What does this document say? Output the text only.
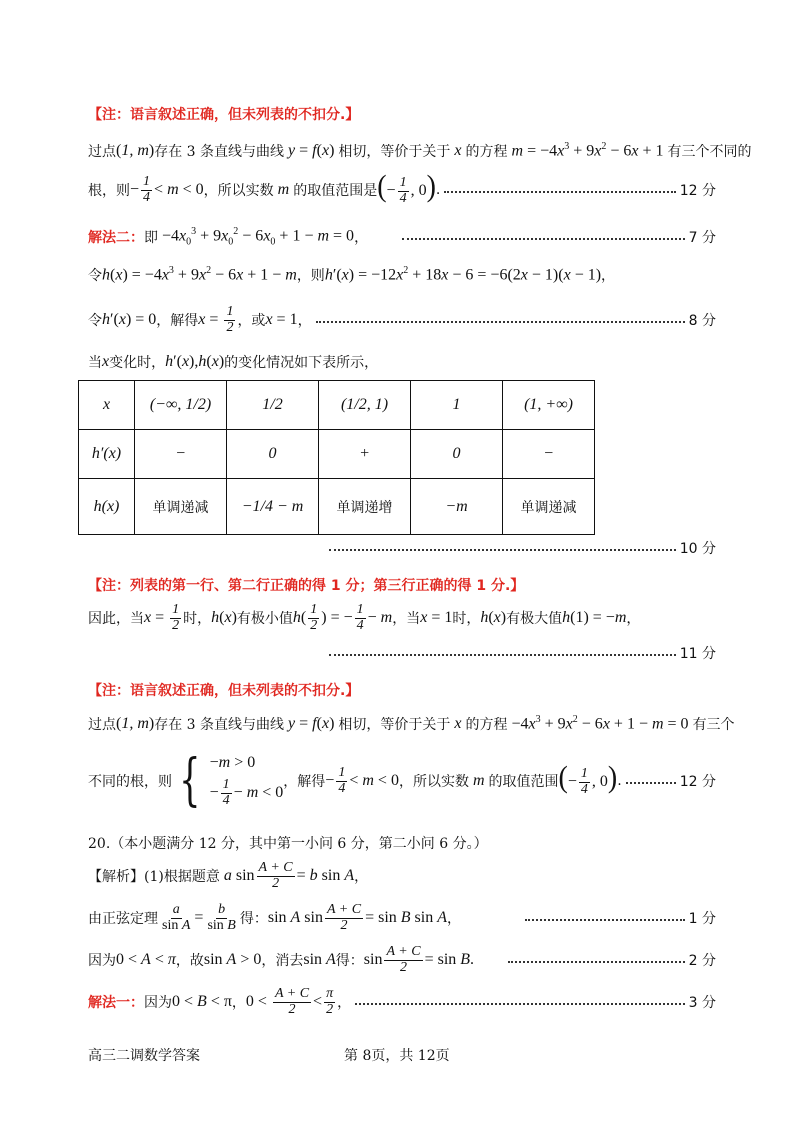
【注：语言叙述正确，但未列表的不扣分.】
过点 (1, m) 存在 3 条直线与曲线 y = f(x) 相切，等价于关于 x 的方程 $m = -4x^3 + 9x^2 - 6x + 1$ 有三个不同的
根，则 − $\frac{1}{4} < m < 0$ ，所以实数 m 的取值范围是 (− $\frac{1}{4}$ , 0) .	12 分
解法二： 即 $-4x_0^3 + 9x_0^2 - 6x_0 + 1 - m = 0$ ，	7 分
令 $h(x) = -4x^3 + 9x^2 - 6x + 1 - m$ ，则 $h'(x) = -12x^2 + 18x - 6 = -6(2x - 1)(x - 1)$ ，
令 h′(x) = 0 ，解得 $x = \frac{1}{2}$ ，或 x = 1 ，	8 分
当 x 变化时， h′(x),h(x) 的变化情况如下表所示，
x	(−∞, 1/2)	1/2	(1/2, 1)	1	(1, +∞)
h′(x)	−	0	+	0	−
h(x)	单调递减	−1/4 − m	单调递增	−m	单调递减
10 分
【注：列表的第一行、第二行正确的得 1 分；第三行正确的得 1 分.】
因此，当 $x = \frac{1}{2}$ 时， h(x) 有极小值 $h( \frac{1}{2}$ ) = − $\frac{1}{4} - m$ ，当 x = 1 时， h(x) 有极大值 h(1) = −m ，
11 分
【注：语言叙述正确，但未列表的不扣分.】
过点 (1, m) 存在 3 条直线与曲线 y = f(x) 相切，等价于关于 x 的方程 $-4x^3 + 9x^2 - 6x + 1 - m = 0$ 有三个
不同的根，则 { −m > 0
− $\frac{1}{4} - m < 0$
，解得 − $\frac{1}{4} < m < 0$ ，所以实数 m 的取值范围 (− $\frac{1}{4}$ , 0) .	12 分
20.（本小题满分 12 分，其中第一小问 6 分，第二小问 6 分。）
【解析】 (1)根据题意 a $\sin \frac{A + C}{2} = b$ sin A ，
由正弦定理 $\frac{a}{\text{sin A}} = \frac{b}{\text{sin B}}$ 得： sin A $\sin \frac{A + C}{2} = \sin B$ sin A ，	1 分
因为 0 < A < π ，故 sin A > 0 ，消去 sin A 得： $\sin \frac{A + C}{2} = \sin B$.	2 分
解法一： 因为 0 < B < π ， $0 < \frac{A + C}{2} < \frac{\pi}{2}$ ，	3 分
高三二调数学答案	第 8页，共 12页
